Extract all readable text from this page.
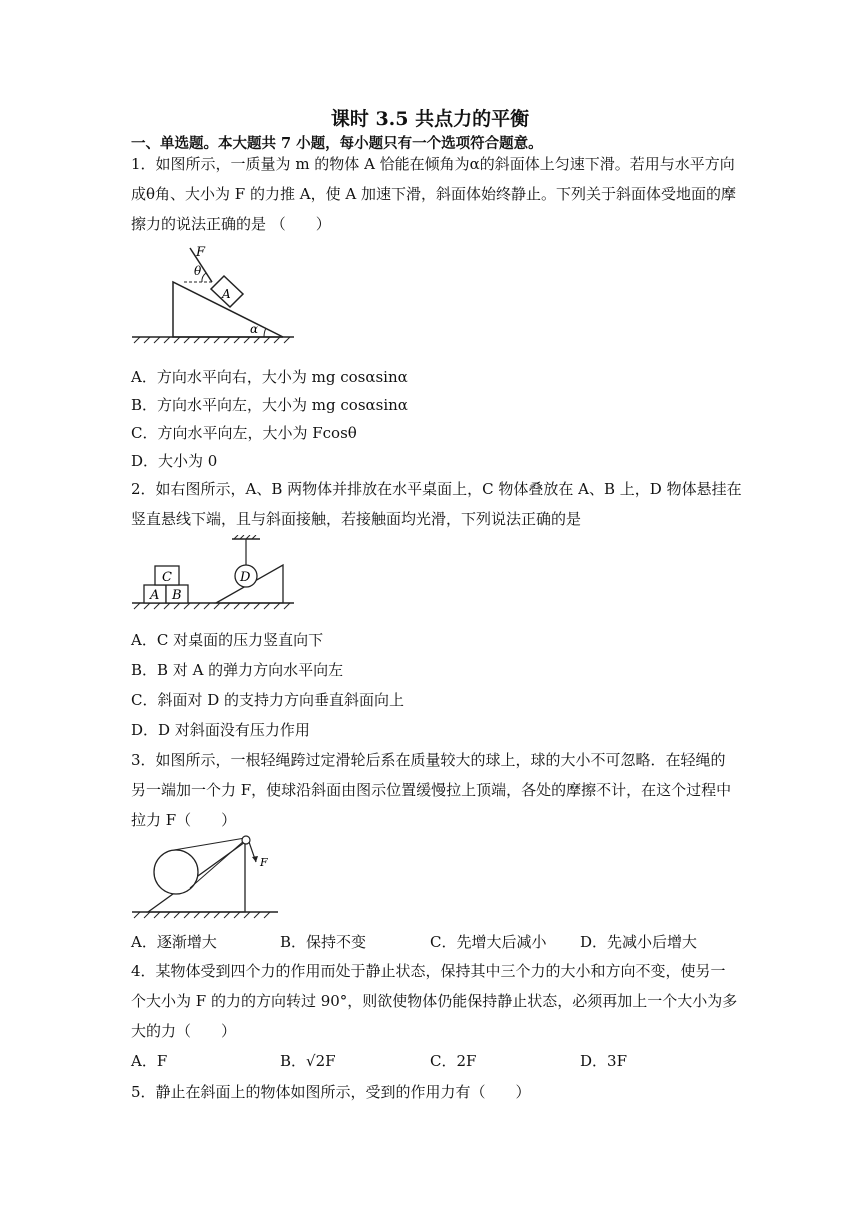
课时 3.5 共点力的平衡
一、单选题。本大题共 7 小题，每小题只有一个选项符合题意。
1．如图所示，一质量为 m 的物体 A 恰能在倾角为α的斜面体上匀速下滑。若用与水平方向
成θ角、大小为 F 的力推 A，使 A 加速下滑，斜面体始终静止。下列关于斜面体受地面的摩
擦力的说法正确的是 （　　）
F
θ
A
α
A．方向水平向右，大小为 mg cosαsinα
B．方向水平向左，大小为 mg cosαsinα
C．方向水平向左，大小为 Fcosθ
D．大小为 0
2．如右图所示，A、B 两物体并排放在水平桌面上，C 物体叠放在 A、B 上，D 物体悬挂在
竖直悬线下端，且与斜面接触，若接触面均光滑，下列说法正确的是
C
A B
D
A．C 对桌面的压力竖直向下
B．B 对 A 的弹力方向水平向左
C．斜面对 D 的支持力方向垂直斜面向上
D．D 对斜面没有压力作用
3．如图所示，一根轻绳跨过定滑轮后系在质量较大的球上，球的大小不可忽略．在轻绳的
另一端加一个力 F，使球沿斜面由图示位置缓慢拉上顶端，各处的摩擦不计，在这个过程中
拉力 F（　　）
F
A．逐渐增大	B．保持不变	C．先增大后减小 D．先减小后增大
4．某物体受到四个力的作用而处于静止状态，保持其中三个力的大小和方向不变，使另一
个大小为 F 的力的方向转过 90°，则欲使物体仍能保持静止状态，必须再加上一个大小为多
大的力（　　）
A．F	B．√2F	C．2F	D．3F
5．静止在斜面上的物体如图所示，受到的作用力有（　　）
